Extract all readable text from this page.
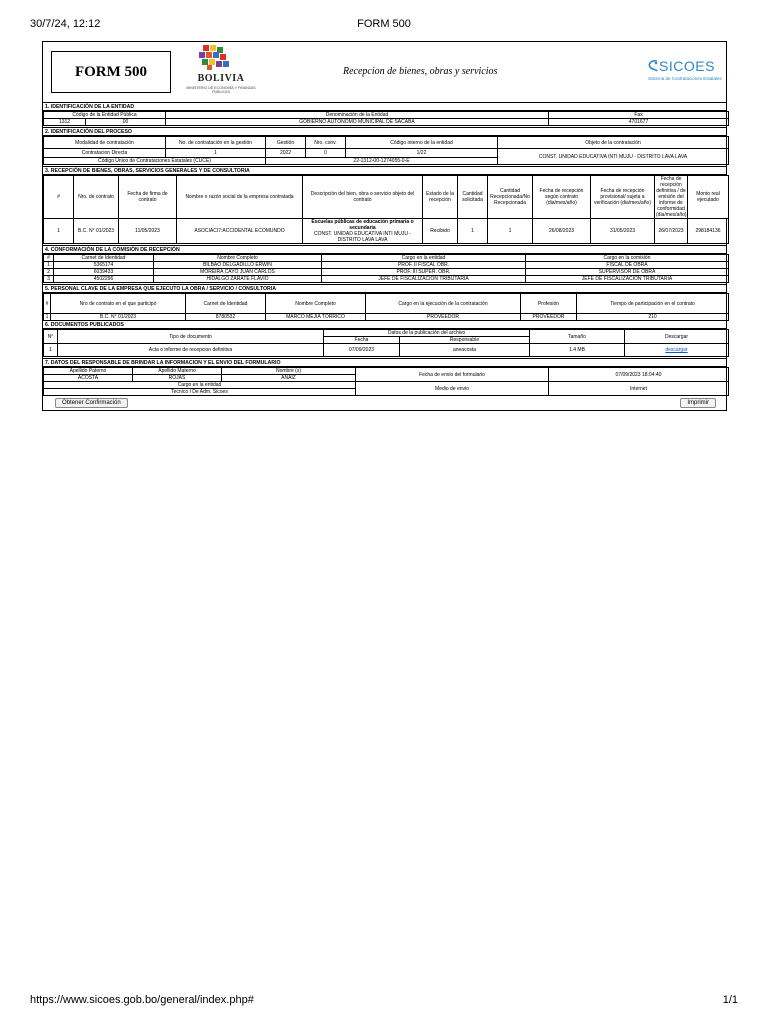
30/7/24, 12:12	FORM 500
FORM 500	BOLIVIA
MINISTERIO DE ECONOMÍA Y FINANZAS PÚBLICAS
Recepcion de bienes, obras y servicios	SICOES
Sistema de Contrataciones Estatales
1. IDENTIFICACIÓN DE LA ENTIDAD
Código de la Entidad Pública		Denominación de la Entidad	Fax
1312	00	GOBIERNO AUTONOMO MUNICIPAL DE SACABA	4701677
2. IDENTIFICACIÓN DEL PROCESO
Modalidad de contratación	No. de contratación en la gestión	Gestión	Nro. conv.	Código interno de la entidad	Objeto de la contratación
Contratacion Directa	1	2022	0	1/22	CONST. UNIDAD EDUCATIVA INTI MUJU - DISTRITO LAVA LAVA
Código Único de Contrataciones Estatales (CUCE)		22-1312-00-1274055-0-E			
3. RECEPCIÓN DE BIENES, OBRAS, SERVICIOS GENERALES Y DE CONSULTORIA
#	Nro. de contrato	Fecha de firma de contrato	Nombre o razón social de la empresa contratada	Descripción del bien, obra o servicio objeto del contrato	Estado de la recepción	Cantidad solicitada	Cantidad Recepcionada/No Recepcionada	Fecha de recepción según contrato (dia/mes/año)	Fecha de recepción provisional/ sujeta a verificación (dia/mes/año)	Fecha de recepción definitiva / de emisión del informe de conformidad (dia/mes/año)	Monto real ejecutado
1	B.C. N° 01/2023	11/05/2023	ASOCIACI7:ACCIDENTAL ECOMUNDO	Escuelas públicas de educación primaria o secundaria
CONST. UNIDAD EDUCATIVA INTI MUJU - DISTRITO LAVA LAVA	Recibido	1	1	26/08/2023	31/05/2023	26/07/2023	298184136
4. CONFORMACIÓN DE LA COMISIÓN DE RECEPCIÓN
#	Carnet de Identidad	Nombre Completo	Cargo en la entidad	Cargo en la comisión
1	5365174	BILBAO DELGADILLO ERWIN	PROF. II FISCAL OBR.	FISCAL DE OBRA
2	6039433	MOREIRA CAYO JUAN CARLOS	PROF. III SUPER. OBR.	SUPERVISOR DE OBRA
3	4502296	HIDALGO ZARATE FLAVIO	JEFE DE FISCALIZACION TRIBUTARIA	JEFE DE FISCALIZACION TRIBUTARIA
5. PERSONAL CLAVE DE LA EMPRESA QUE EJECUTO LA OBRA / SERVICIO / CONSULTORIA
#	Nro de contrato en el que participó	Carnet de Identidad	Nombre Completo	Cargo en la ejecución de la contratación	Profesión	Tiempo de participación en el contrato
1	B.C. N° 01/2023	8780532	MARCO MEJIA TORRICO	PROVEEDOR	PROVEEDOR	210
6. DOCUMENTOS PUBLICADOS
N°	Tipo de documento	Datos de la publicación del archivo		Tamaño	Descargar
		Fecha	Responsable		
1	Acta o informe de recepcion definitiva	07/09/2023	aneacosta	1.4 MB	descargar
7. DATOS DEL RESPONSABLE DE BRINDAR LA INFORMACION Y EL ENVIO DEL FORMULARIO
Apellido Paterno	Apellido Materno	Nombre (s)	Fecha de envio del formulario	07/09/2023 18:04:40
ACOSTA	ROJAS	ANAIZ		
Cargo en la entidad			Medio de envio	Internet
Tecnico I De Adm. Sicoes				
Obtener Confirmación	Imprimir
https://www.sicoes.gob.bo/general/index.php#	1/1
